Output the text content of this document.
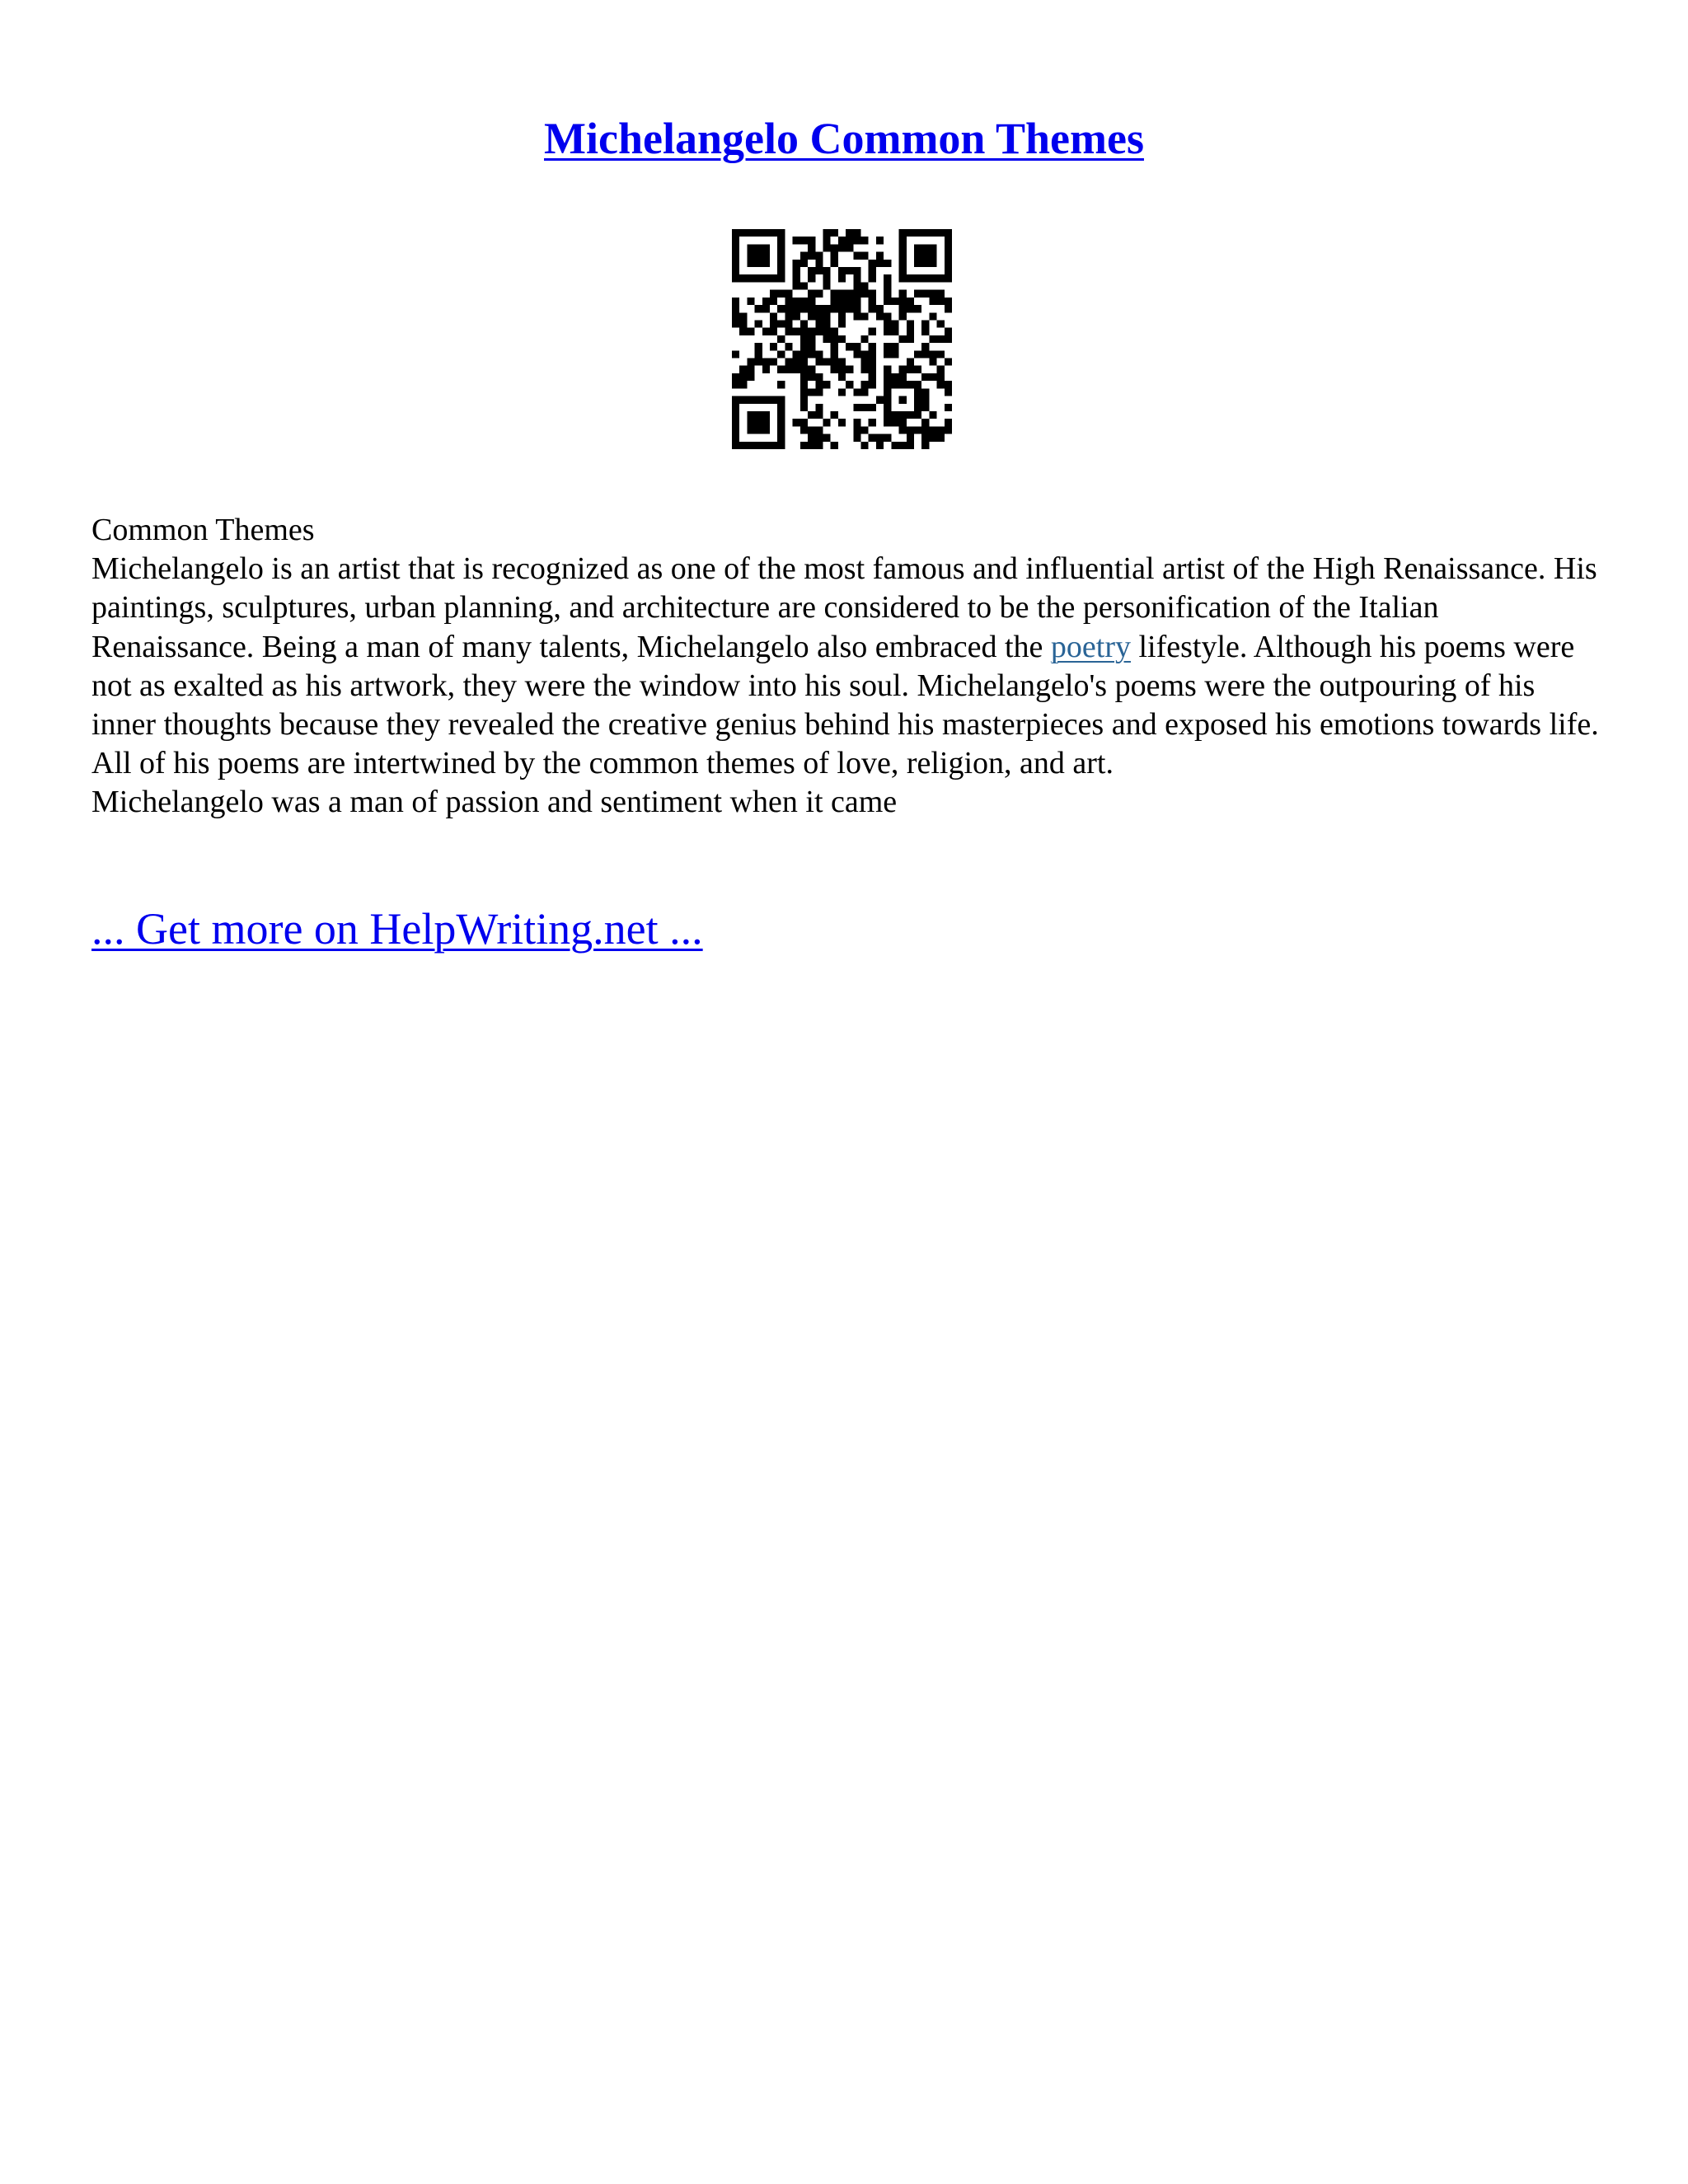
Michelangelo Common Themes

Common Themes

Michelangelo is an artist that is recognized as one of the most famous and influential artist of the High Renaissance. His paintings, sculptures, urban planning, and architecture are considered to be the personification of the Italian Renaissance. Being a man of many talents, Michelangelo also embraced the poetry lifestyle. Although his poems were not as exalted as his artwork, they were the window into his soul. Michelangelo's poems were the outpouring of his inner thoughts because they revealed the creative genius behind his masterpieces and exposed his emotions towards life. All of his poems are intertwined by the common themes of love, religion, and art.

Michelangelo was a man of passion and sentiment when it came

... Get more on HelpWriting.net ...
